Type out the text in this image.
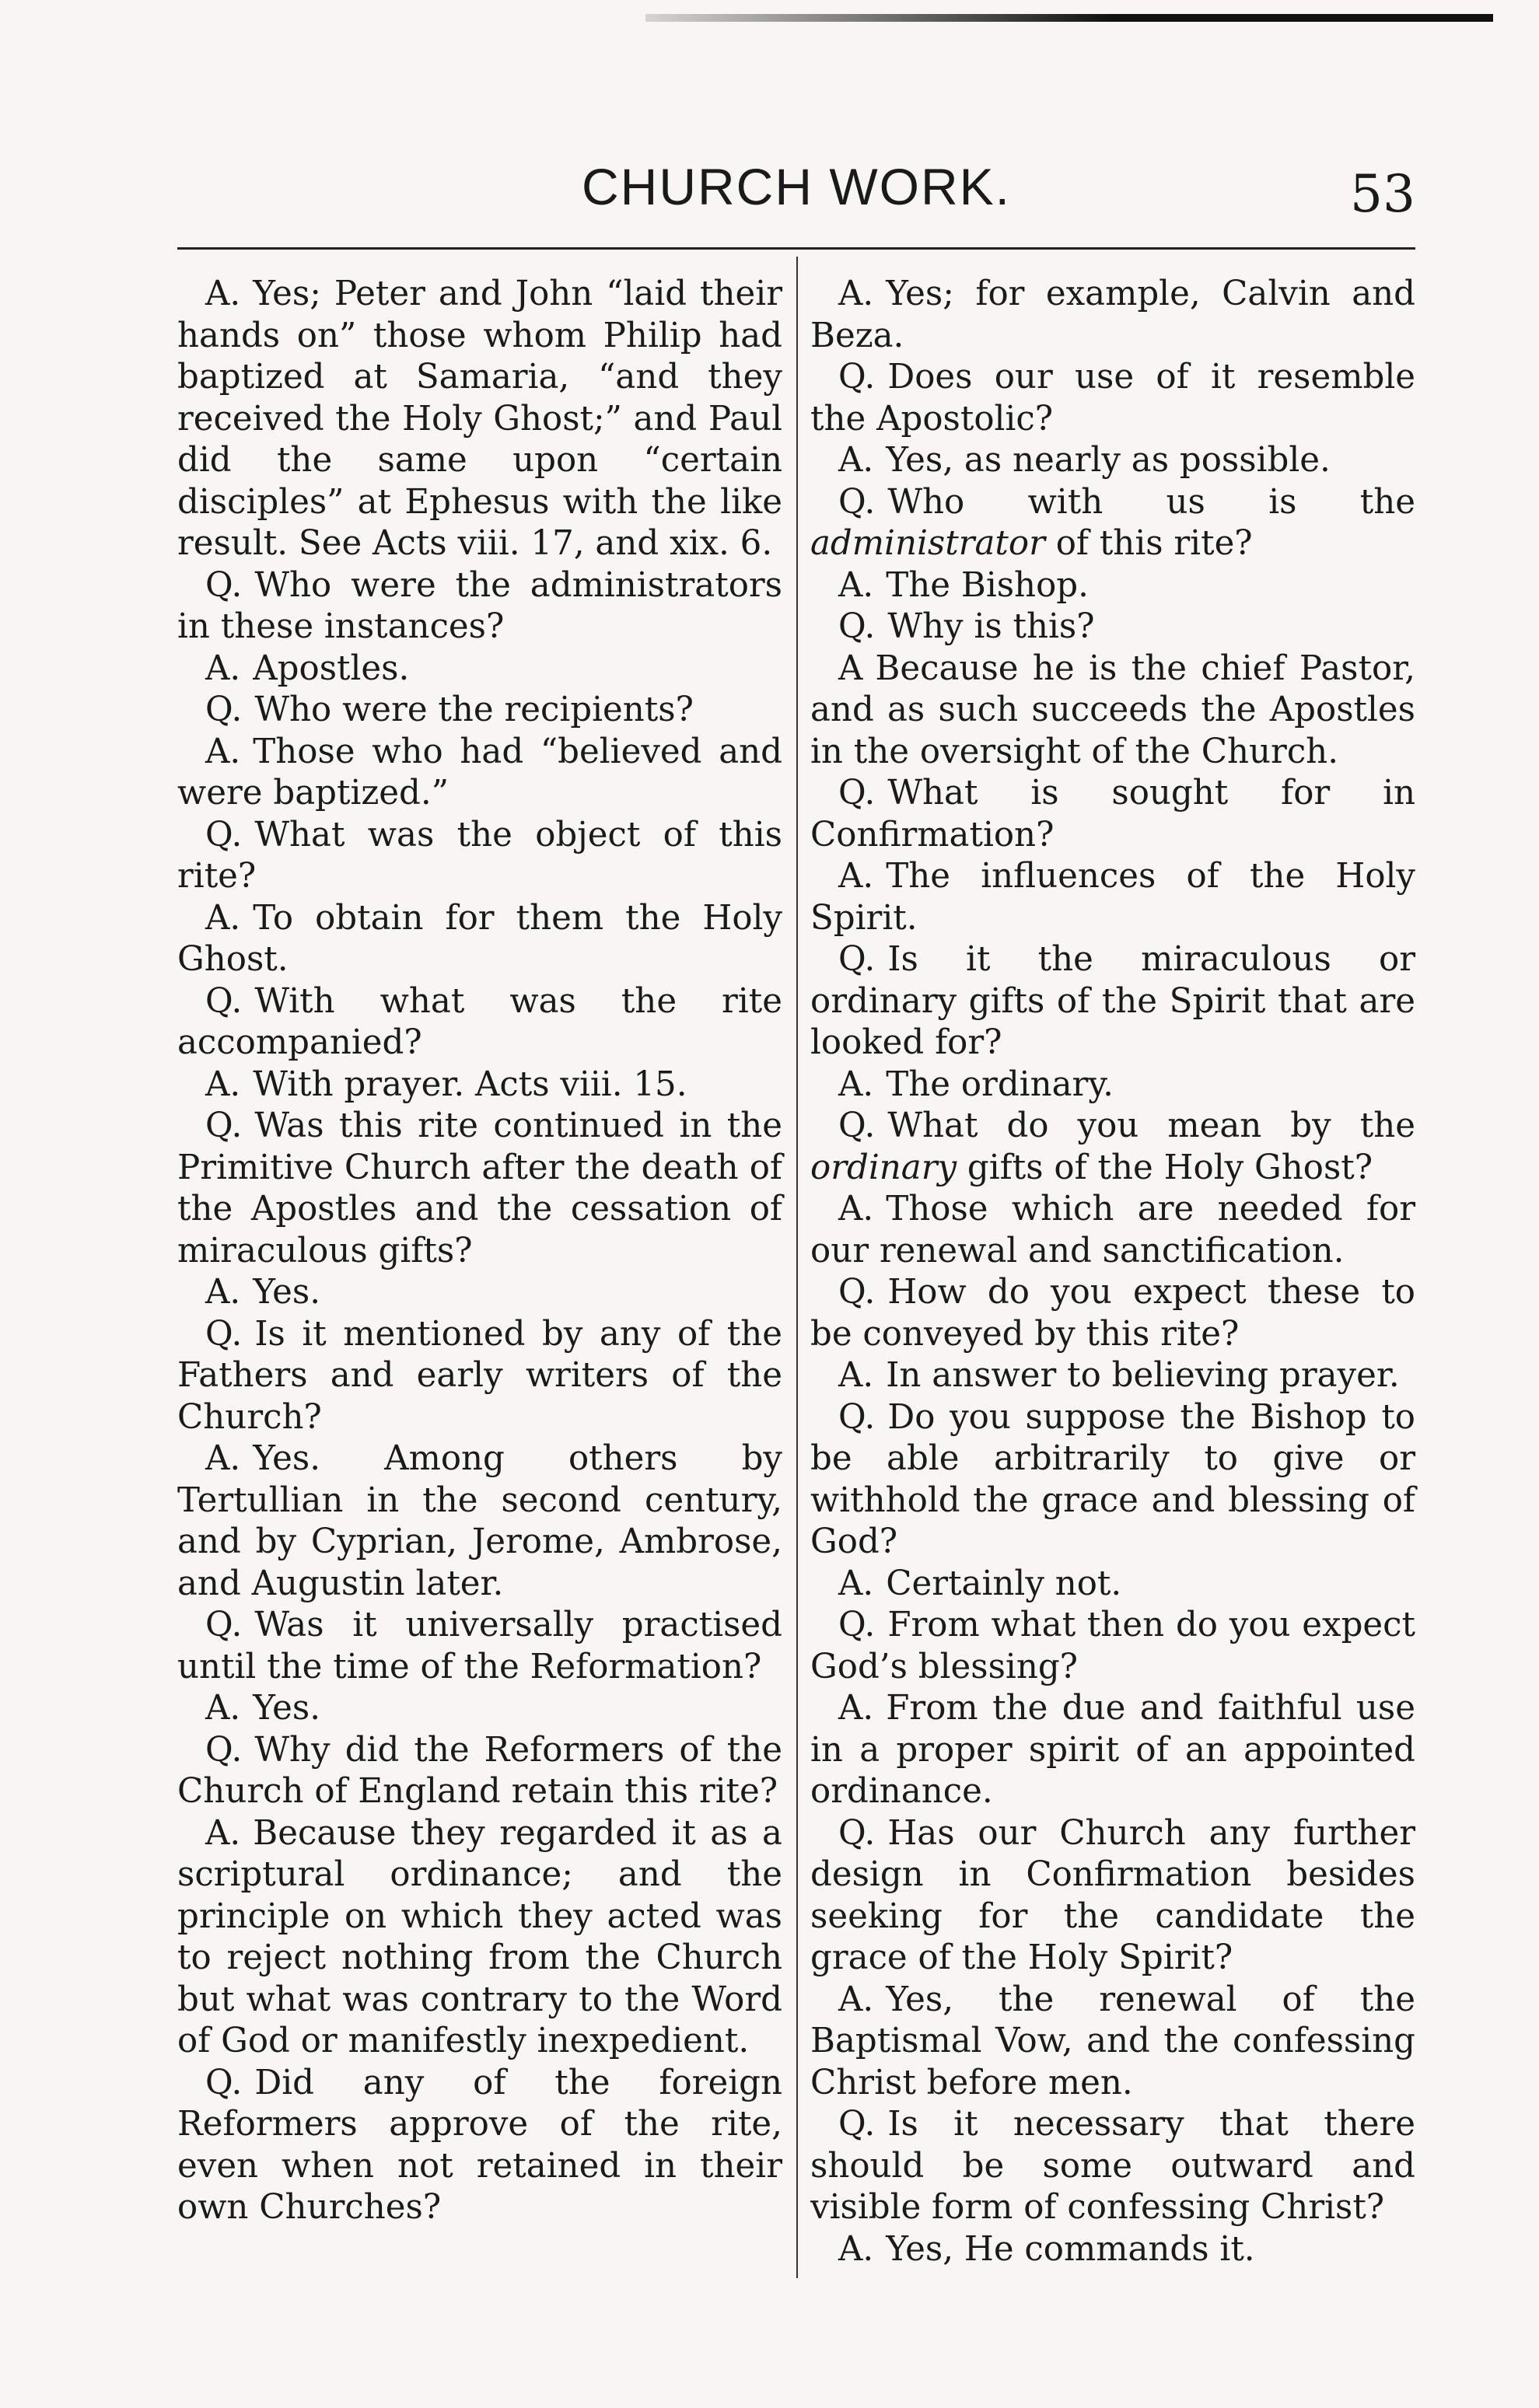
CHURCH WORK.	53

A. Yes; Peter and John “laid their hands on” those whom Philip had baptized at Samaria, “and they received the Holy Ghost;” and Paul did the same upon “certain disciples” at Ephesus with the like result. See Acts viii. 17, and xix. 6.

Q. Who were the administrators in these instances?

A. Apostles.

Q. Who were the recipients?

A. Those who had “believed and were baptized.”

Q. What was the object of this rite?

A. To obtain for them the Holy Ghost.

Q. With what was the rite accompanied?

A. With prayer. Acts viii. 15.

Q. Was this rite continued in the Primitive Church after the death of the Apostles and the cessation of miraculous gifts?

A. Yes.

Q. Is it mentioned by any of the Fathers and early writers of the Church?

A. Yes. Among others by Tertullian in the second century, and by Cyprian, Jerome, Ambrose, and Augustin later.

Q. Was it universally practised until the time of the Reformation?

A. Yes.

Q. Why did the Reformers of the Church of England retain this rite?

A. Because they regarded it as a scriptural ordinance; and the principle on which they acted was to reject nothing from the Church but what was contrary to the Word of God or manifestly inexpedient.

Q. Did any of the foreign Reformers approve of the rite, even when not retained in their own Churches?

A. Yes; for example, Calvin and Beza.

Q. Does our use of it resemble the Apostolic?

A. Yes, as nearly as possible.

Q. Who with us is the administrator of this rite?

A. The Bishop.

Q. Why is this?

A Because he is the chief Pastor, and as such succeeds the Apostles in the oversight of the Church.

Q. What is sought for in Confirmation?

A. The influences of the Holy Spirit.

Q. Is it the miraculous or ordinary gifts of the Spirit that are looked for?

A. The ordinary.

Q. What do you mean by the ordinary gifts of the Holy Ghost?

A. Those which are needed for our renewal and sanctification.

Q. How do you expect these to be conveyed by this rite?

A. In answer to believing prayer.

Q. Do you suppose the Bishop to be able arbitrarily to give or withhold the grace and blessing of God?

A. Certainly not.

Q. From what then do you expect God’s blessing?

A. From the due and faithful use in a proper spirit of an appointed ordinance.

Q. Has our Church any further design in Confirmation besides seeking for the candidate the grace of the Holy Spirit?

A. Yes, the renewal of the Baptismal Vow, and the confessing Christ before men.

Q. Is it necessary that there should be some outward and visible form of confessing Christ?

A. Yes, He commands it.
